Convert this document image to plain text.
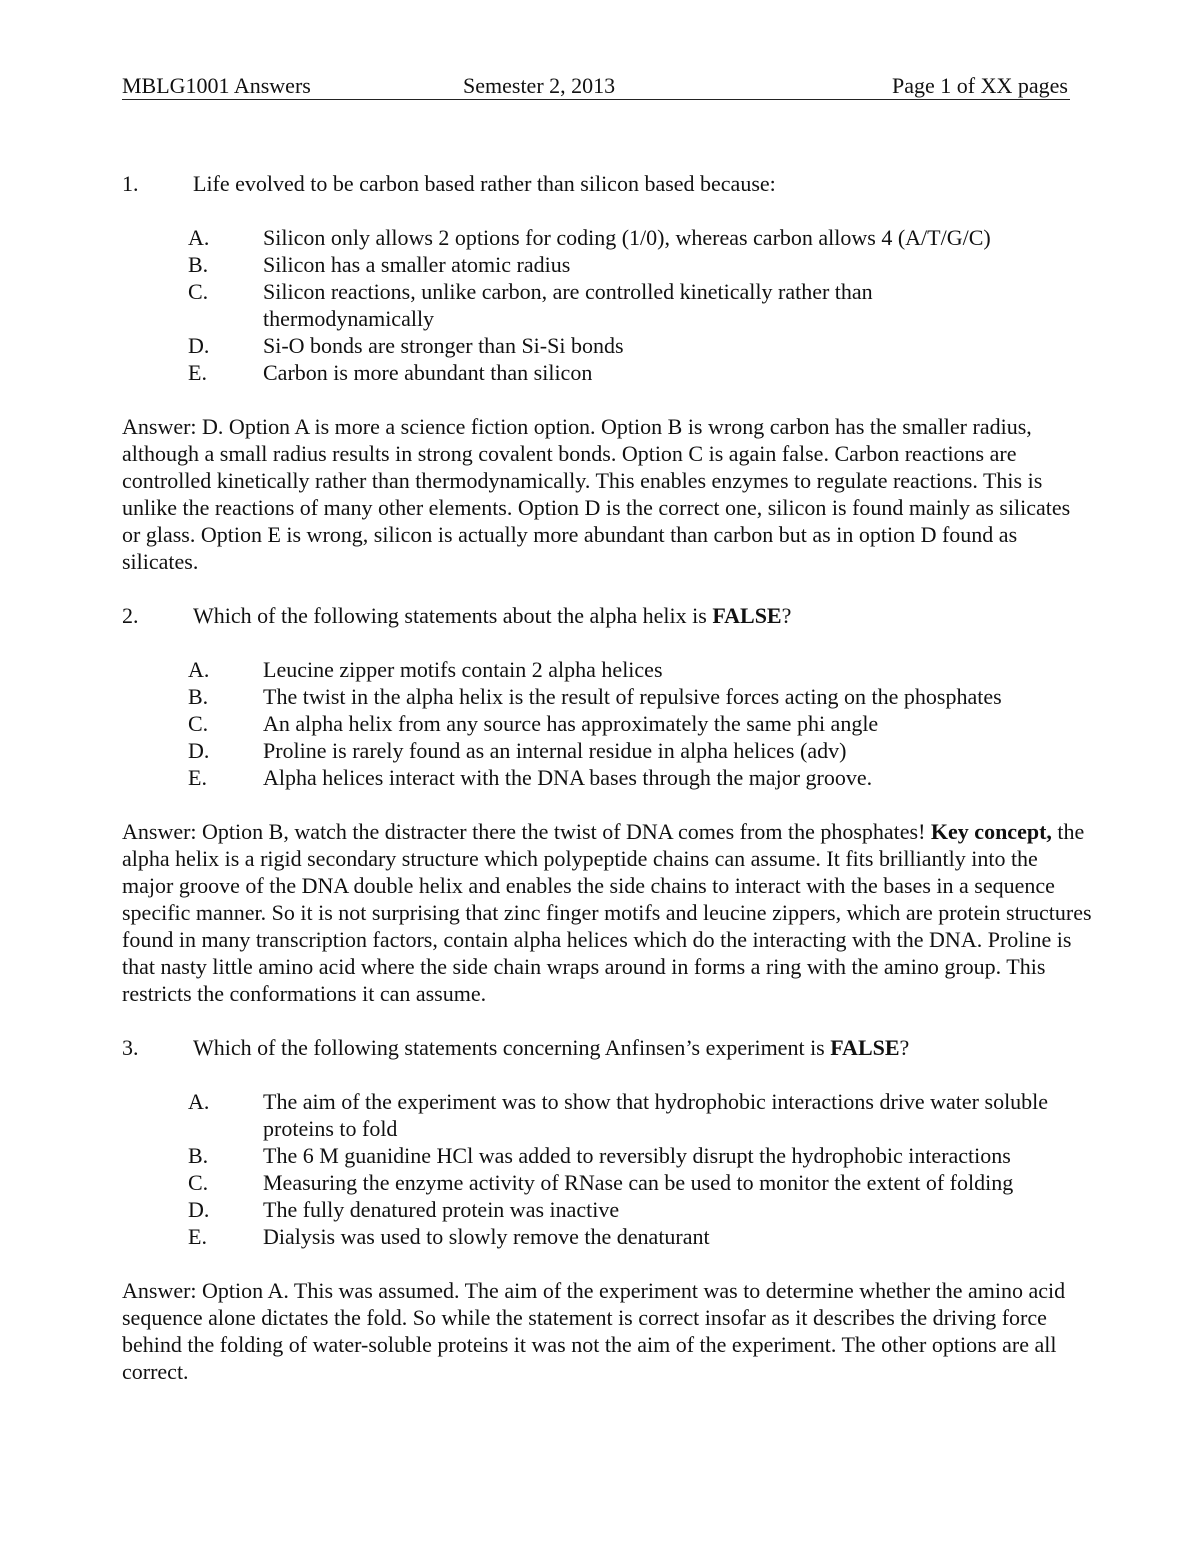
MBLG1001 Answers	Semester 2, 2013	Page 1 of XX pages

1. Life evolved to be carbon based rather than silicon based because:

A. Silicon only allows 2 options for coding (1/0), whereas carbon allows 4 (A/T/G/C)
B. Silicon has a smaller atomic radius
C. Silicon reactions, unlike carbon, are controlled kinetically rather than thermodynamically
D. Si-O bonds are stronger than Si-Si bonds
E.	Carbon is more abundant than silicon

Answer: D. Option A is more a science fiction option. Option B is wrong carbon has the smaller radius, although a small radius results in strong covalent bonds. Option C is again false. Carbon reactions are controlled kinetically rather than thermodynamically. This enables enzymes to regulate reactions. This is unlike the reactions of many other elements. Option D is the correct one, silicon is found mainly as silicates or glass. Option E is wrong, silicon is actually more abundant than carbon but as in option D found as silicates.

2. Which of the following statements about the alpha helix is FALSE?

A. Leucine zipper motifs contain 2 alpha helices
B. The twist in the alpha helix is the result of repulsive forces acting on the phosphates
C. An alpha helix from any source has approximately the same phi angle
D. Proline is rarely found as an internal residue in alpha helices (adv)
E.	Alpha helices interact with the DNA bases through the major groove.

Answer: Option B, watch the distracter there the twist of DNA comes from the phosphates! Key concept, the alpha helix is a rigid secondary structure which polypeptide chains can assume. It fits brilliantly into the major groove of the DNA double helix and enables the side chains to interact with the bases in a sequence specific manner. So it is not surprising that zinc finger motifs and leucine zippers, which are protein structures found in many transcription factors, contain alpha helices which do the interacting with the DNA. Proline is that nasty little amino acid where the side chain wraps around in forms a ring with the amino group. This restricts the conformations it can assume.

3. Which of the following statements concerning Anfinsen’s experiment is FALSE?

A. The aim of the experiment was to show that hydrophobic interactions drive water soluble proteins to fold
B. The 6 M guanidine HCl was added to reversibly disrupt the hydrophobic interactions
C. Measuring the enzyme activity of RNase can be used to monitor the extent of folding
D. The fully denatured protein was inactive
E.	Dialysis was used to slowly remove the denaturant

Answer: Option A. This was assumed. The aim of the experiment was to determine whether the amino acid sequence alone dictates the fold. So while the statement is correct insofar as it describes the driving force behind the folding of water-soluble proteins it was not the aim of the experiment. The other options are all correct.
